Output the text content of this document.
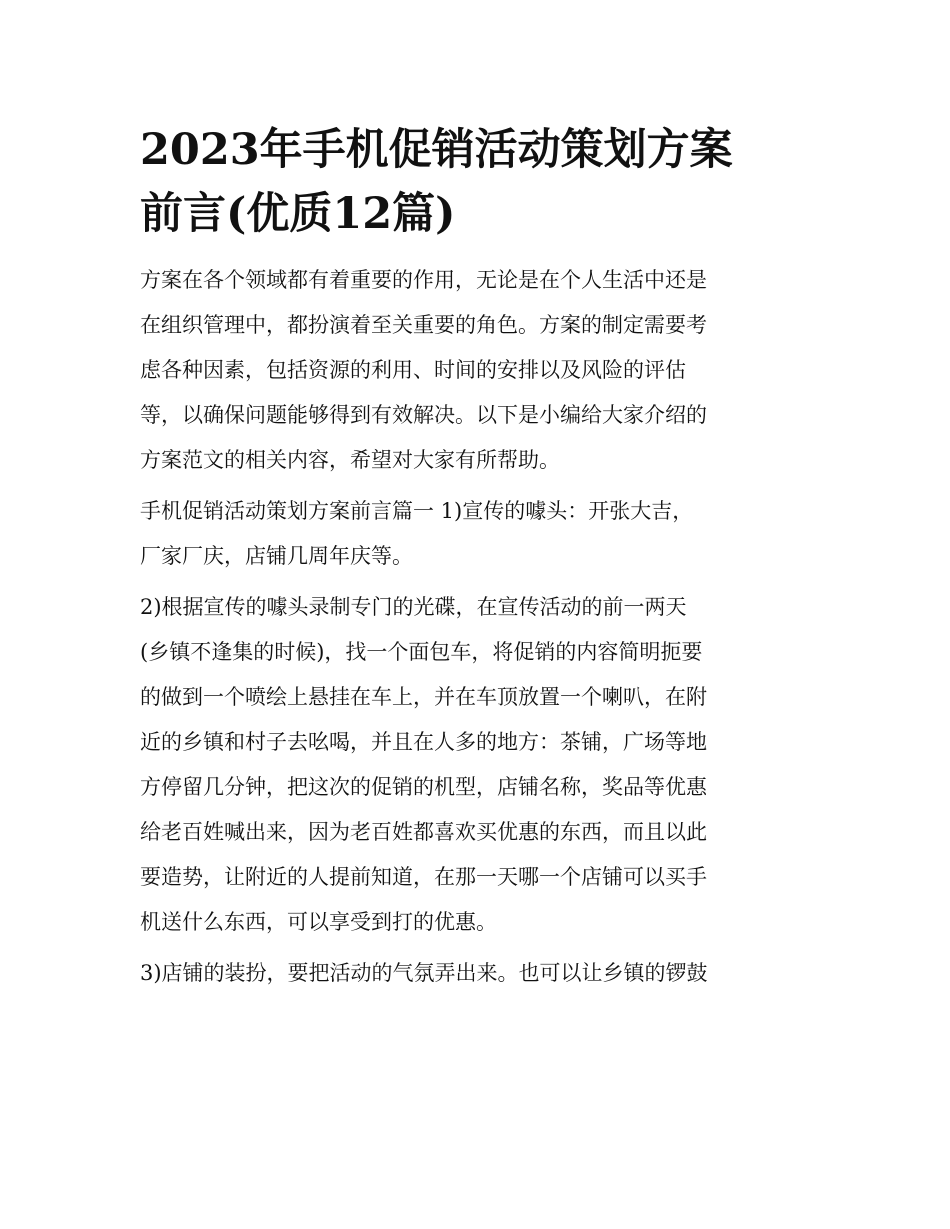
2023年手机促销活动策划方案
前言(优质12篇)
方案在各个领域都有着重要的作用，无论是在个人生活中还是
在组织管理中，都扮演着至关重要的角色。方案的制定需要考
虑各种因素，包括资源的利用、时间的安排以及风险的评估
等，以确保问题能够得到有效解决。以下是小编给大家介绍的
方案范文的相关内容，希望对大家有所帮助。
手机促销活动策划方案前言篇一 1)宣传的噱头：开张大吉，
厂家厂庆，店铺几周年庆等。
2)根据宣传的噱头录制专门的光碟，在宣传活动的前一两天
(乡镇不逢集的时候)，找一个面包车，将促销的内容简明扼要
的做到一个喷绘上悬挂在车上，并在车顶放置一个喇叭，在附
近的乡镇和村子去吆喝，并且在人多的地方：茶铺，广场等地
方停留几分钟，把这次的促销的机型，店铺名称，奖品等优惠
给老百姓喊出来，因为老百姓都喜欢买优惠的东西，而且以此
要造势，让附近的人提前知道，在那一天哪一个店铺可以买手
机送什么东西，可以享受到打的优惠。
3)店铺的装扮，要把活动的气氛弄出来。也可以让乡镇的锣鼓
